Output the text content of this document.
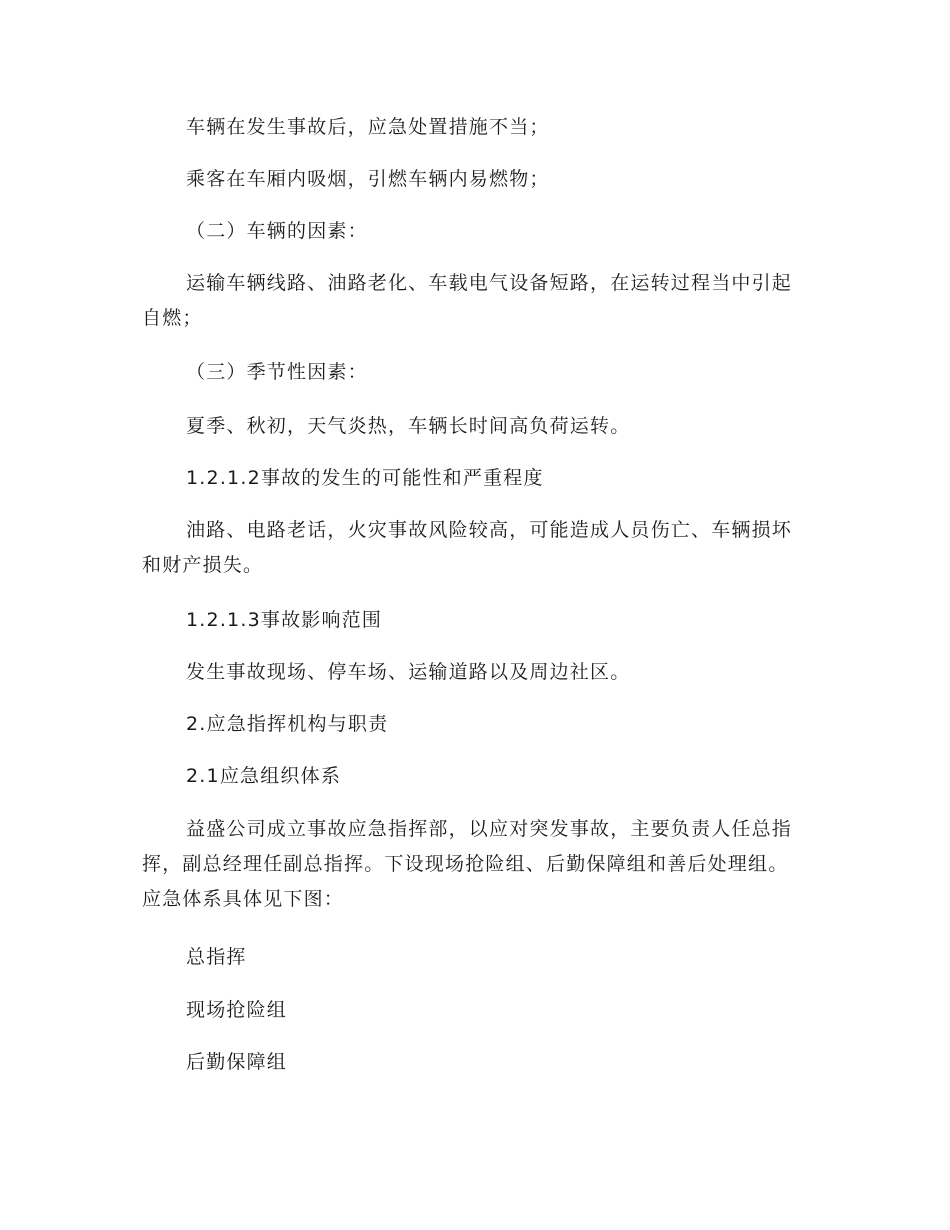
车辆在发生事故后，应急处置措施不当；

乘客在车厢内吸烟，引燃车辆内易燃物；

（二）车辆的因素：

运输车辆线路、油路老化、车载电气设备短路，在运转过程当中引起自燃；

（三）季节性因素：

夏季、秋初，天气炎热，车辆长时间高负荷运转。

1.2.1.2事故的发生的可能性和严重程度

油路、电路老话，火灾事故风险较高，可能造成人员伤亡、车辆损坏和财产损失。

1.2.1.3事故影响范围

发生事故现场、停车场、运输道路以及周边社区。

2.应急指挥机构与职责

2.1应急组织体系

益盛公司成立事故应急指挥部，以应对突发事故，主要负责人任总指挥，副总经理任副总指挥。下设现场抢险组、后勤保障组和善后处理组。应急体系具体见下图：

总指挥

现场抢险组

后勤保障组
